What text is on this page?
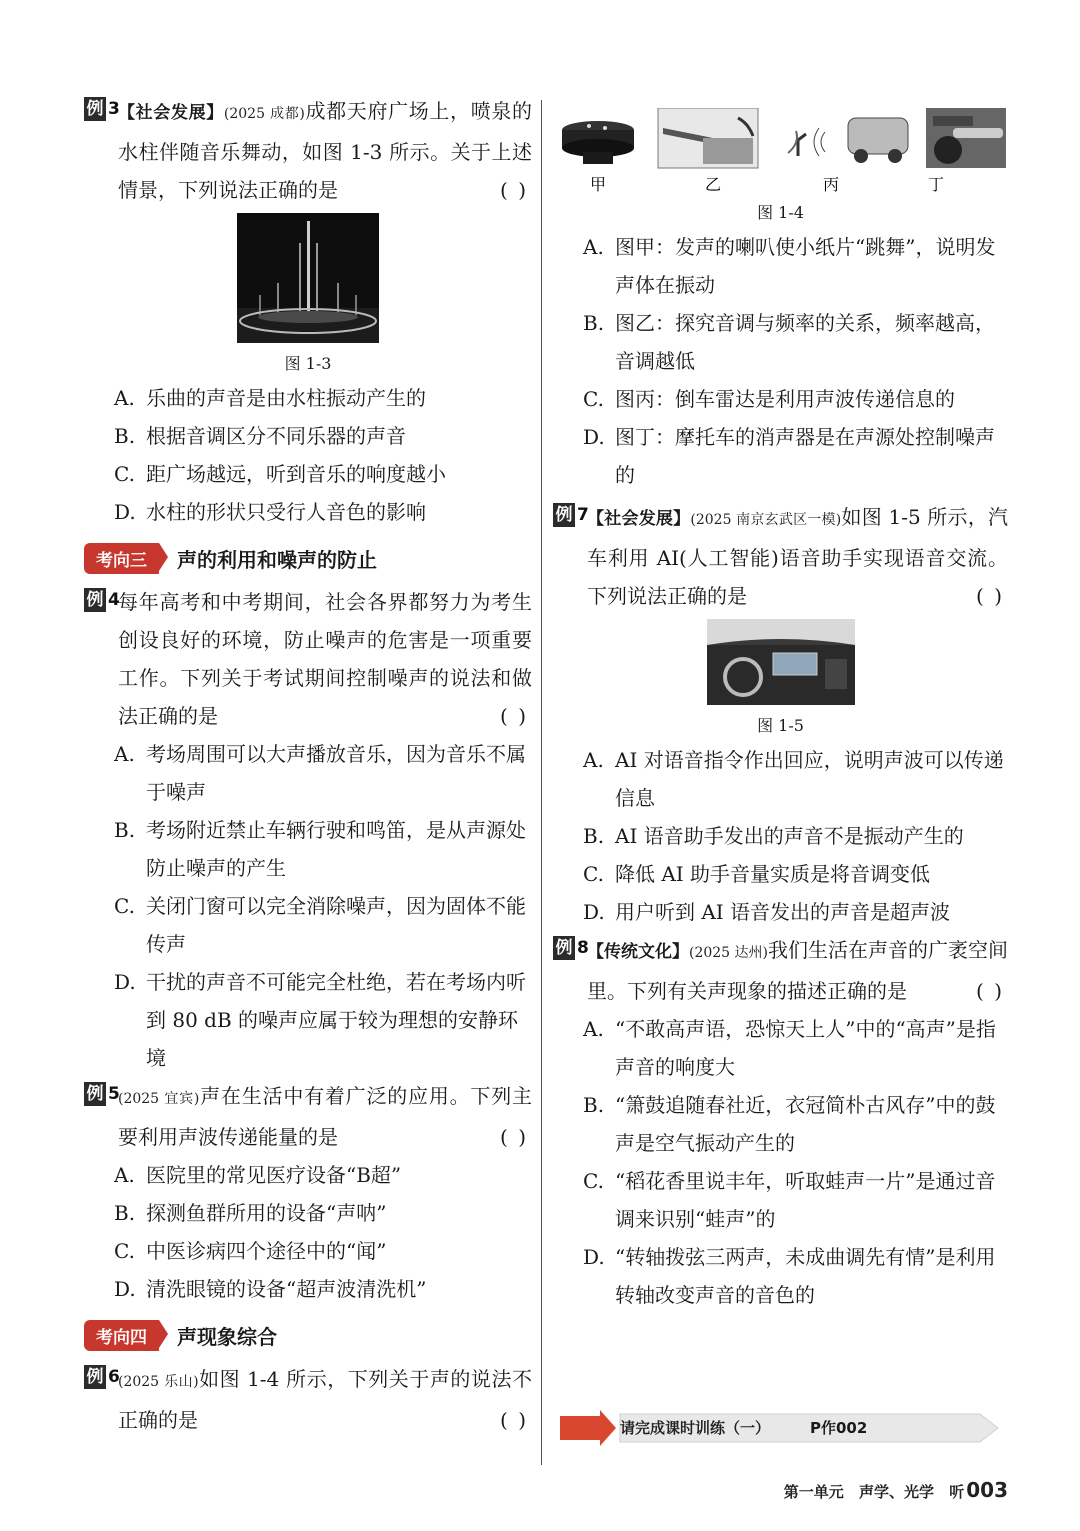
例 3
【社会发展】(2025 成都)成都天府广场上，喷泉的水柱伴随音乐舞动，如图 1-3 所示。关于上述情景，下列说法正确的是	( )
图 1-3
A. 乐曲的声音是由水柱振动产生的
B. 根据音调区分不同乐器的声音
C. 距广场越远，听到音乐的响度越小
D. 水柱的形状只受行人音色的影响
考向三	声的利用和噪声的防止
例 4
每年高考和中考期间，社会各界都努力为考生创设良好的环境，防止噪声的危害是一项重要工作。下列关于考试期间控制噪声的说法和做法正确的是	( )
A. 考场周围可以大声播放音乐，因为音乐不属于噪声
B. 考场附近禁止车辆行驶和鸣笛，是从声源处防止噪声的产生
C. 关闭门窗可以完全消除噪声，因为固体不能传声
D. 干扰的声音不可能完全杜绝，若在考场内听到 80 dB 的噪声应属于较为理想的安静环境
例 5
(2025 宜宾)声在生活中有着广泛的应用。下列主要利用声波传递能量的是	( )
A. 医院里的常见医疗设备“B超”
B. 探测鱼群所用的设备“声呐”
C. 中医诊病四个途径中的“闻”
D. 清洗眼镜的设备“超声波清洗机”
考向四	声现象综合
例 6
(2025 乐山)如图 1-4 所示，下列关于声的说法不正确的是	( )
甲	乙	丙	丁
图 1-4
A. 图甲：发声的喇叭使小纸片“跳舞”，说明发声体在振动
B. 图乙：探究音调与频率的关系，频率越高，音调越低
C. 图丙：倒车雷达是利用声波传递信息的
D. 图丁：摩托车的消声器是在声源处控制噪声的
例 7
【社会发展】(2025 南京玄武区一模)如图 1-5 所示，汽车利用 AI(人工智能)语音助手实现语音交流。下列说法正确的是	( )
图 1-5
A. AI 对语音指令作出回应，说明声波可以传递信息
B. AI 语音助手发出的声音不是振动产生的
C. 降低 AI 助手音量实质是将音调变低
D. 用户听到 AI 语音发出的声音是超声波
例 8
【传统文化】(2025 达州)我们生活在声音的广袤空间里。下列有关声现象的描述正确的是	( )
A. “不敢高声语，恐惊天上人”中的“高声”是指声音的响度大
B. “箫鼓追随春社近，衣冠简朴古风存”中的鼓声是空气振动产生的
C. “稻花香里说丰年，听取蛙声一片”是通过音调来识别“蛙声”的
D. “转轴拨弦三两声，未成曲调先有情”是利用转轴改变声音的音色的
请完成课时训练（一）	P作002
第一单元 声学、光学 听 003
